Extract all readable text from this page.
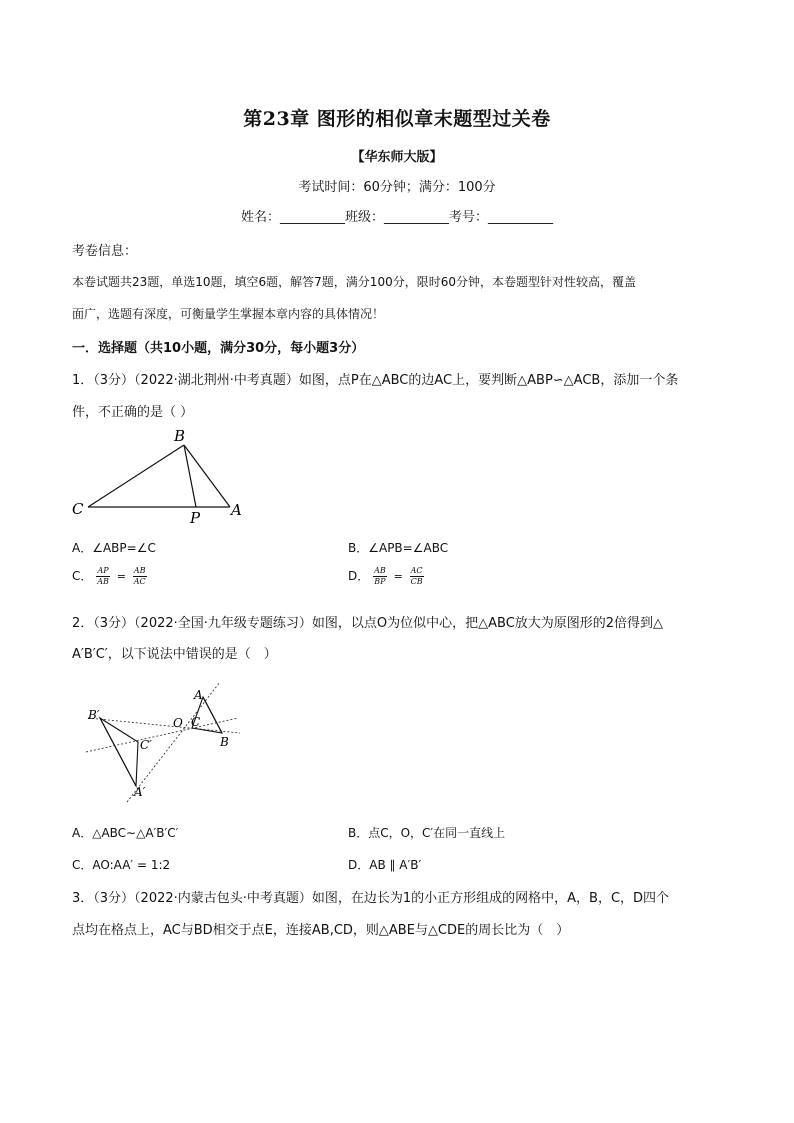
第23章 图形的相似章末题型过关卷
【华东师大版】
考试时间：60分钟；满分：100分
姓名：__________班级：__________考号：__________
考卷信息：
本卷试题共23题，单选10题，填空6题，解答7题，满分100分，限时60分钟，本卷题型针对性较高，覆盖
面广，选题有深度，可衡量学生掌握本章内容的具体情况！
一．选择题（共10小题，满分30分，每小题3分）
1．（3分）（2022·湖北荆州·中考真题）如图，点P在△ABC的边AC上，要判断△ABP∽△ACB，添加一个条
件，不正确的是（ ）
B
C	P A
A．∠ABP=∠C	B．∠APB=∠ABC
C． $\frac{AP}{AB} = \frac{AB}{AC}$	D． $\frac{AB}{BP} = \frac{AC}{CB}$
2．（3分）（2022·全国·九年级专题练习）如图，以点O为位似中心，把△ABC放大为原图形的2倍得到△
A′B′C′，以下说法中错误的是（　）
A
C
B
O
B′
C′
A′
A．△ABC∼△A′B′C′	B．点C，O，C′在同一直线上
C．AO:AA′ = 1:2	D．AB ∥ A′B′
3．（3分）（2022·内蒙古包头·中考真题）如图，在边长为1的小正方形组成的网格中，A，B，C，D四个
点均在格点上，AC与BD相交于点E，连接AB,CD，则△ABE与△CDE的周长比为（　）
